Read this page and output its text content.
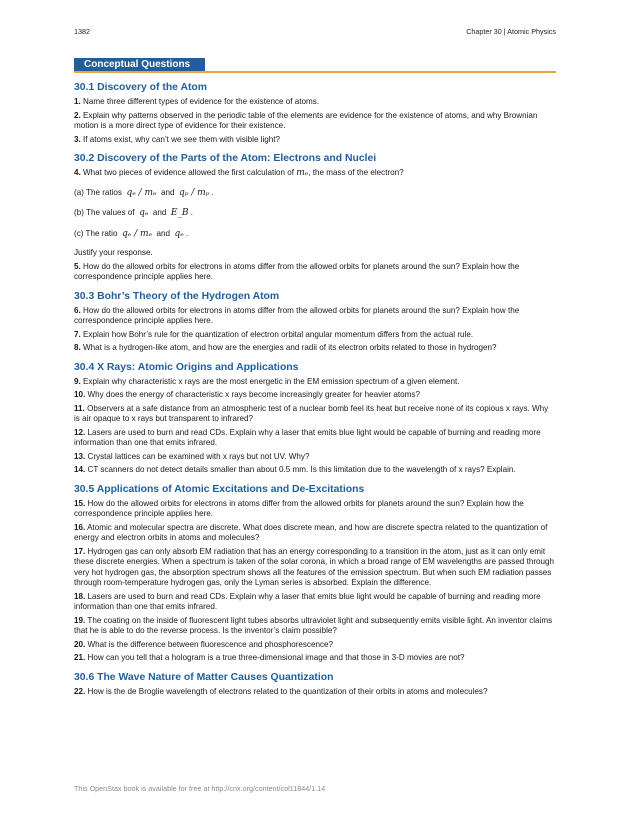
1382	Chapter 30 | Atomic Physics
Conceptual Questions
30.1 Discovery of the Atom

1. Name three different types of evidence for the existence of atoms.

2. Explain why patterns observed in the periodic table of the elements are evidence for the existence of atoms, and why Brownian motion is a more direct type of evidence for their existence.

3. If atoms exist, why can’t we see them with visible light?

30.2 Discovery of the Parts of the Atom: Electrons and Nuclei

4. What two pieces of evidence allowed the first calculation of mₑ, the mass of the electron?

(a) The ratios qₑ / mₑ and qₚ / mₚ .

(b) The values of qₑ and E_B .

(c) The ratio qₑ / mₑ and qₑ .

Justify your response.

5. How do the allowed orbits for electrons in atoms differ from the allowed orbits for planets around the sun? Explain how the correspondence principle applies here.

30.3 Bohr’s Theory of the Hydrogen Atom

6. How do the allowed orbits for electrons in atoms differ from the allowed orbits for planets around the sun? Explain how the correspondence principle applies here.

7. Explain how Bohr’s rule for the quantization of electron orbital angular momentum differs from the actual rule.

8. What is a hydrogen-like atom, and how are the energies and radii of its electron orbits related to those in hydrogen?

30.4 X Rays: Atomic Origins and Applications

9. Explain why characteristic x rays are the most energetic in the EM emission spectrum of a given element.

10. Why does the energy of characteristic x rays become increasingly greater for heavier atoms?

11. Observers at a safe distance from an atmospheric test of a nuclear bomb feel its heat but receive none of its copious x rays. Why is air opaque to x rays but transparent to infrared?

12. Lasers are used to burn and read CDs. Explain why a laser that emits blue light would be capable of burning and reading more information than one that emits infrared.

13. Crystal lattices can be examined with x rays but not UV. Why?

14. CT scanners do not detect details smaller than about 0.5 mm. Is this limitation due to the wavelength of x rays? Explain.

30.5 Applications of Atomic Excitations and De-Excitations

15. How do the allowed orbits for electrons in atoms differ from the allowed orbits for planets around the sun? Explain how the correspondence principle applies here.

16. Atomic and molecular spectra are discrete. What does discrete mean, and how are discrete spectra related to the quantization of energy and electron orbits in atoms and molecules?

17. Hydrogen gas can only absorb EM radiation that has an energy corresponding to a transition in the atom, just as it can only emit these discrete energies. When a spectrum is taken of the solar corona, in which a broad range of EM wavelengths are passed through very hot hydrogen gas, the absorption spectrum shows all the features of the emission spectrum. But when such EM radiation passes through room-temperature hydrogen gas, only the Lyman series is absorbed. Explain the difference.

18. Lasers are used to burn and read CDs. Explain why a laser that emits blue light would be capable of burning and reading more information than one that emits infrared.

19. The coating on the inside of fluorescent light tubes absorbs ultraviolet light and subsequently emits visible light. An inventor claims that he is able to do the reverse process. Is the inventor’s claim possible?

20. What is the difference between fluorescence and phosphorescence?

21. How can you tell that a hologram is a true three-dimensional image and that those in 3-D movies are not?

30.6 The Wave Nature of Matter Causes Quantization

22. How is the de Broglie wavelength of electrons related to the quantization of their orbits in atoms and molecules?

This OpenStax book is available for free at http://cnx.org/content/col11844/1.14
